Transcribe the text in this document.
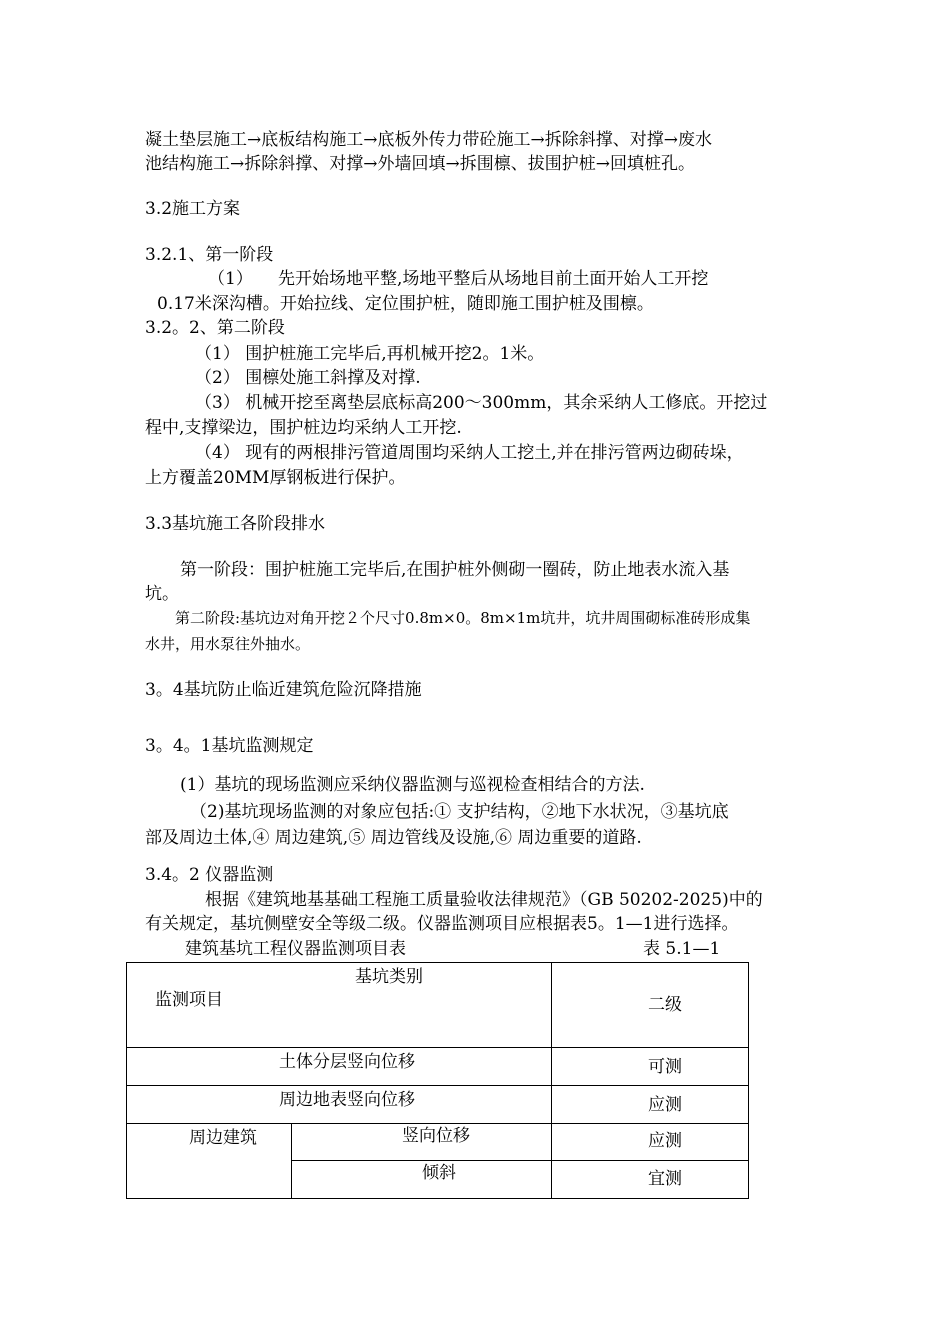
凝土垫层施工→底板结构施工→底板外传力带砼施工→拆除斜撑、对撑→废水
池结构施工→拆除斜撑、对撑→外墙回填→拆围檩、拔围护桩→回填桩孔。
3.2施工方案
3.2.1、第一阶段
（1） 先开始场地平整,场地平整后从场地目前土面开始人工开挖
0.17米深沟槽。开始拉线、定位围护桩，随即施工围护桩及围檩。
3.2。2、第二阶段
（1） 围护桩施工完毕后,再机械开挖2。1米。
（2） 围檩处施工斜撑及对撑.
（3） 机械开挖至离垫层底标高200～300mm，其余采纳人工修底。开挖过
程中,支撑梁边，围护桩边均采纳人工开挖.
（4） 现有的两根排污管道周围均采纳人工挖土,并在排污管两边砌砖垛，
上方覆盖20MM厚钢板进行保护。
3.3基坑施工各阶段排水
第一阶段：围护桩施工完毕后,在围护桩外侧砌一圈砖，防止地表水流入基
坑。
第二阶段:基坑边对角开挖２个尺寸0.8m×0。8m×1m坑井，坑井周围砌标准砖形成集
水井，用水泵往外抽水。
3。4基坑防止临近建筑危险沉降措施
3。4。1基坑监测规定
(1）基坑的现场监测应采纳仪器监测与巡视检查相结合的方法.
（2)基坑现场监测的对象应包括:① 支护结构，②地下水状况，③基坑底
部及周边土体,④ 周边建筑,⑤ 周边管线及设施,⑥ 周边重要的道路.
3.4。2 仪器监测
根据《建筑地基基础工程施工质量验收法律规范》（GB 50202-2025)中的
有关规定，基坑侧壁安全等级二级。仪器监测项目应根据表5。1—1进行选择。
建筑基坑工程仪器监测项目表	表 5.1—1
基坑类别
监测项目		二级

土体分层竖向位移		可测

周边地表竖向位移		应测

周边建筑	竖向位移	应测

	倾斜	宜测
